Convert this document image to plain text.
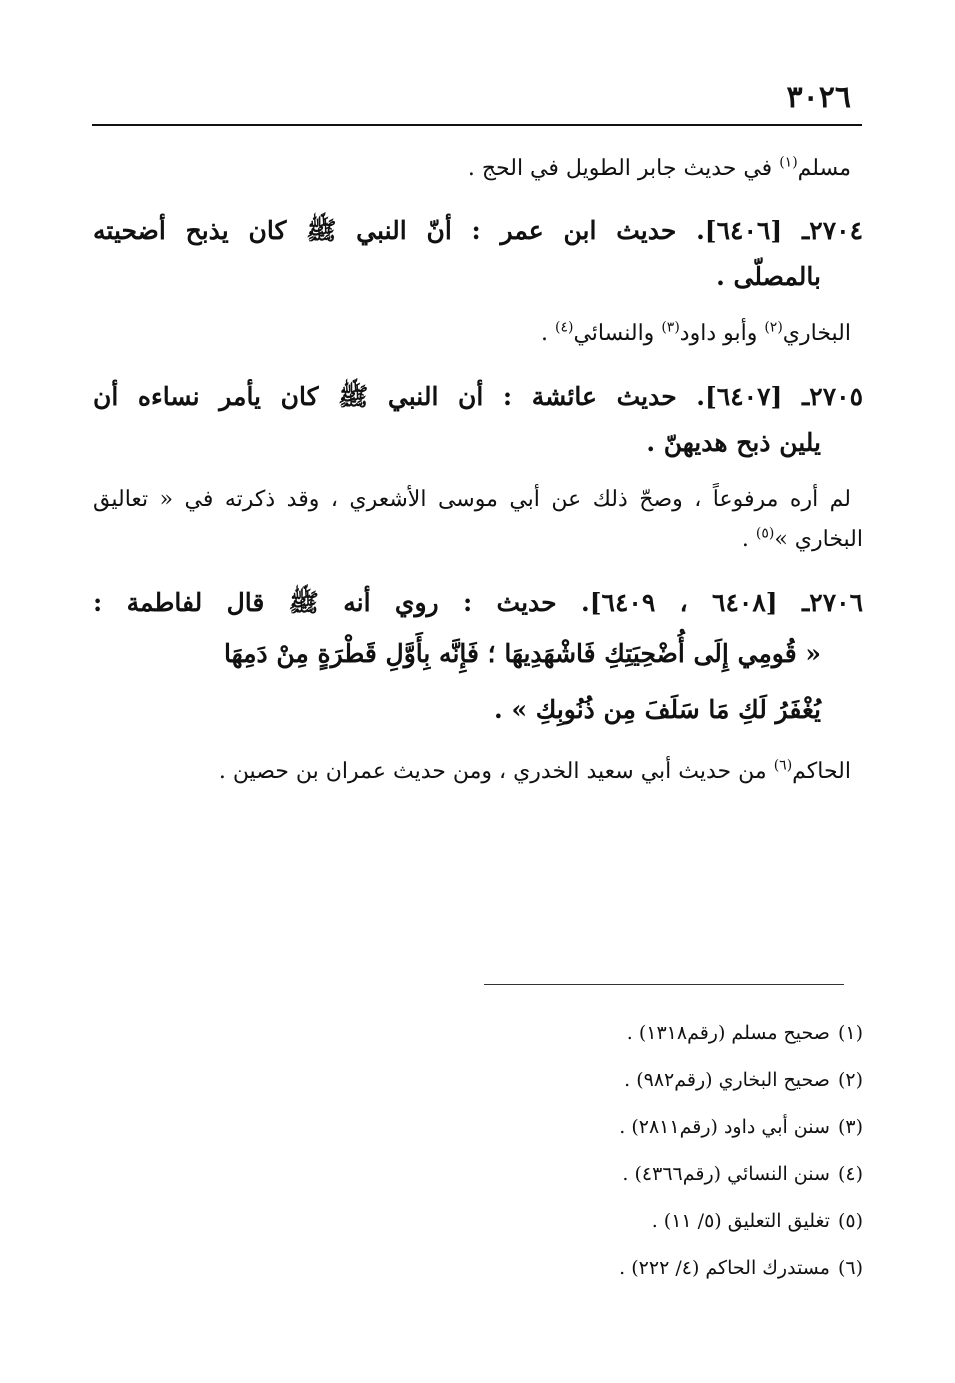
٣٠٢٦
مسلم$^{(١)}$ في حديث جابر الطويل في الحج .
٢٧٠٤ـ [٦٤٠٦]. حديث ابن عمر : أنّ النبي ﷺ كان يذبح أضحيته
بالمصلّى .
البخاري$^{(٢)}$ وأبو داود$^{(٣)}$ والنسائي$^{(٤)}$ .
٢٧٠٥ـ [٦٤٠٧]. حديث عائشة : أن النبي ﷺ كان يأمر نساءه أن
يلين ذبح هديهنّ .
لم أره مرفوعاً ، وصحّ ذلك عن أبي موسى الأشعري ، وقد ذكرته في « تعاليق
البخاري »$^{(٥)}$ .
٢٧٠٦ـ [٦٤٠٨ ، ٦٤٠٩]. حديث : روي أنه ﷺ قال لفاطمة :
« قُومِي إِلَى أُضْحِيَتِكِ فَاشْهَدِيهَا ؛ فَإِنَّه بِأَوَّلِ قَطْرَةٍ مِنْ دَمِهَا
يُغْفَرُ لَكِ مَا سَلَفَ مِن ذُنُوبِكِ » .
الحاكم$^{(٦)}$ من حديث أبي سعيد الخدري ، ومن حديث عمران بن حصين .
(١)صحيح مسلم (رقم١٣١٨) .
(٢)صحيح البخاري (رقم٩٨٢) .
(٣)سنن أبي داود (رقم٢٨١١) .
(٤)سنن النسائي (رقم٤٣٦٦) .
(٥)تغليق التعليق (٥/ ١١) .
(٦)مستدرك الحاكم (٤/ ٢٢٢) .
